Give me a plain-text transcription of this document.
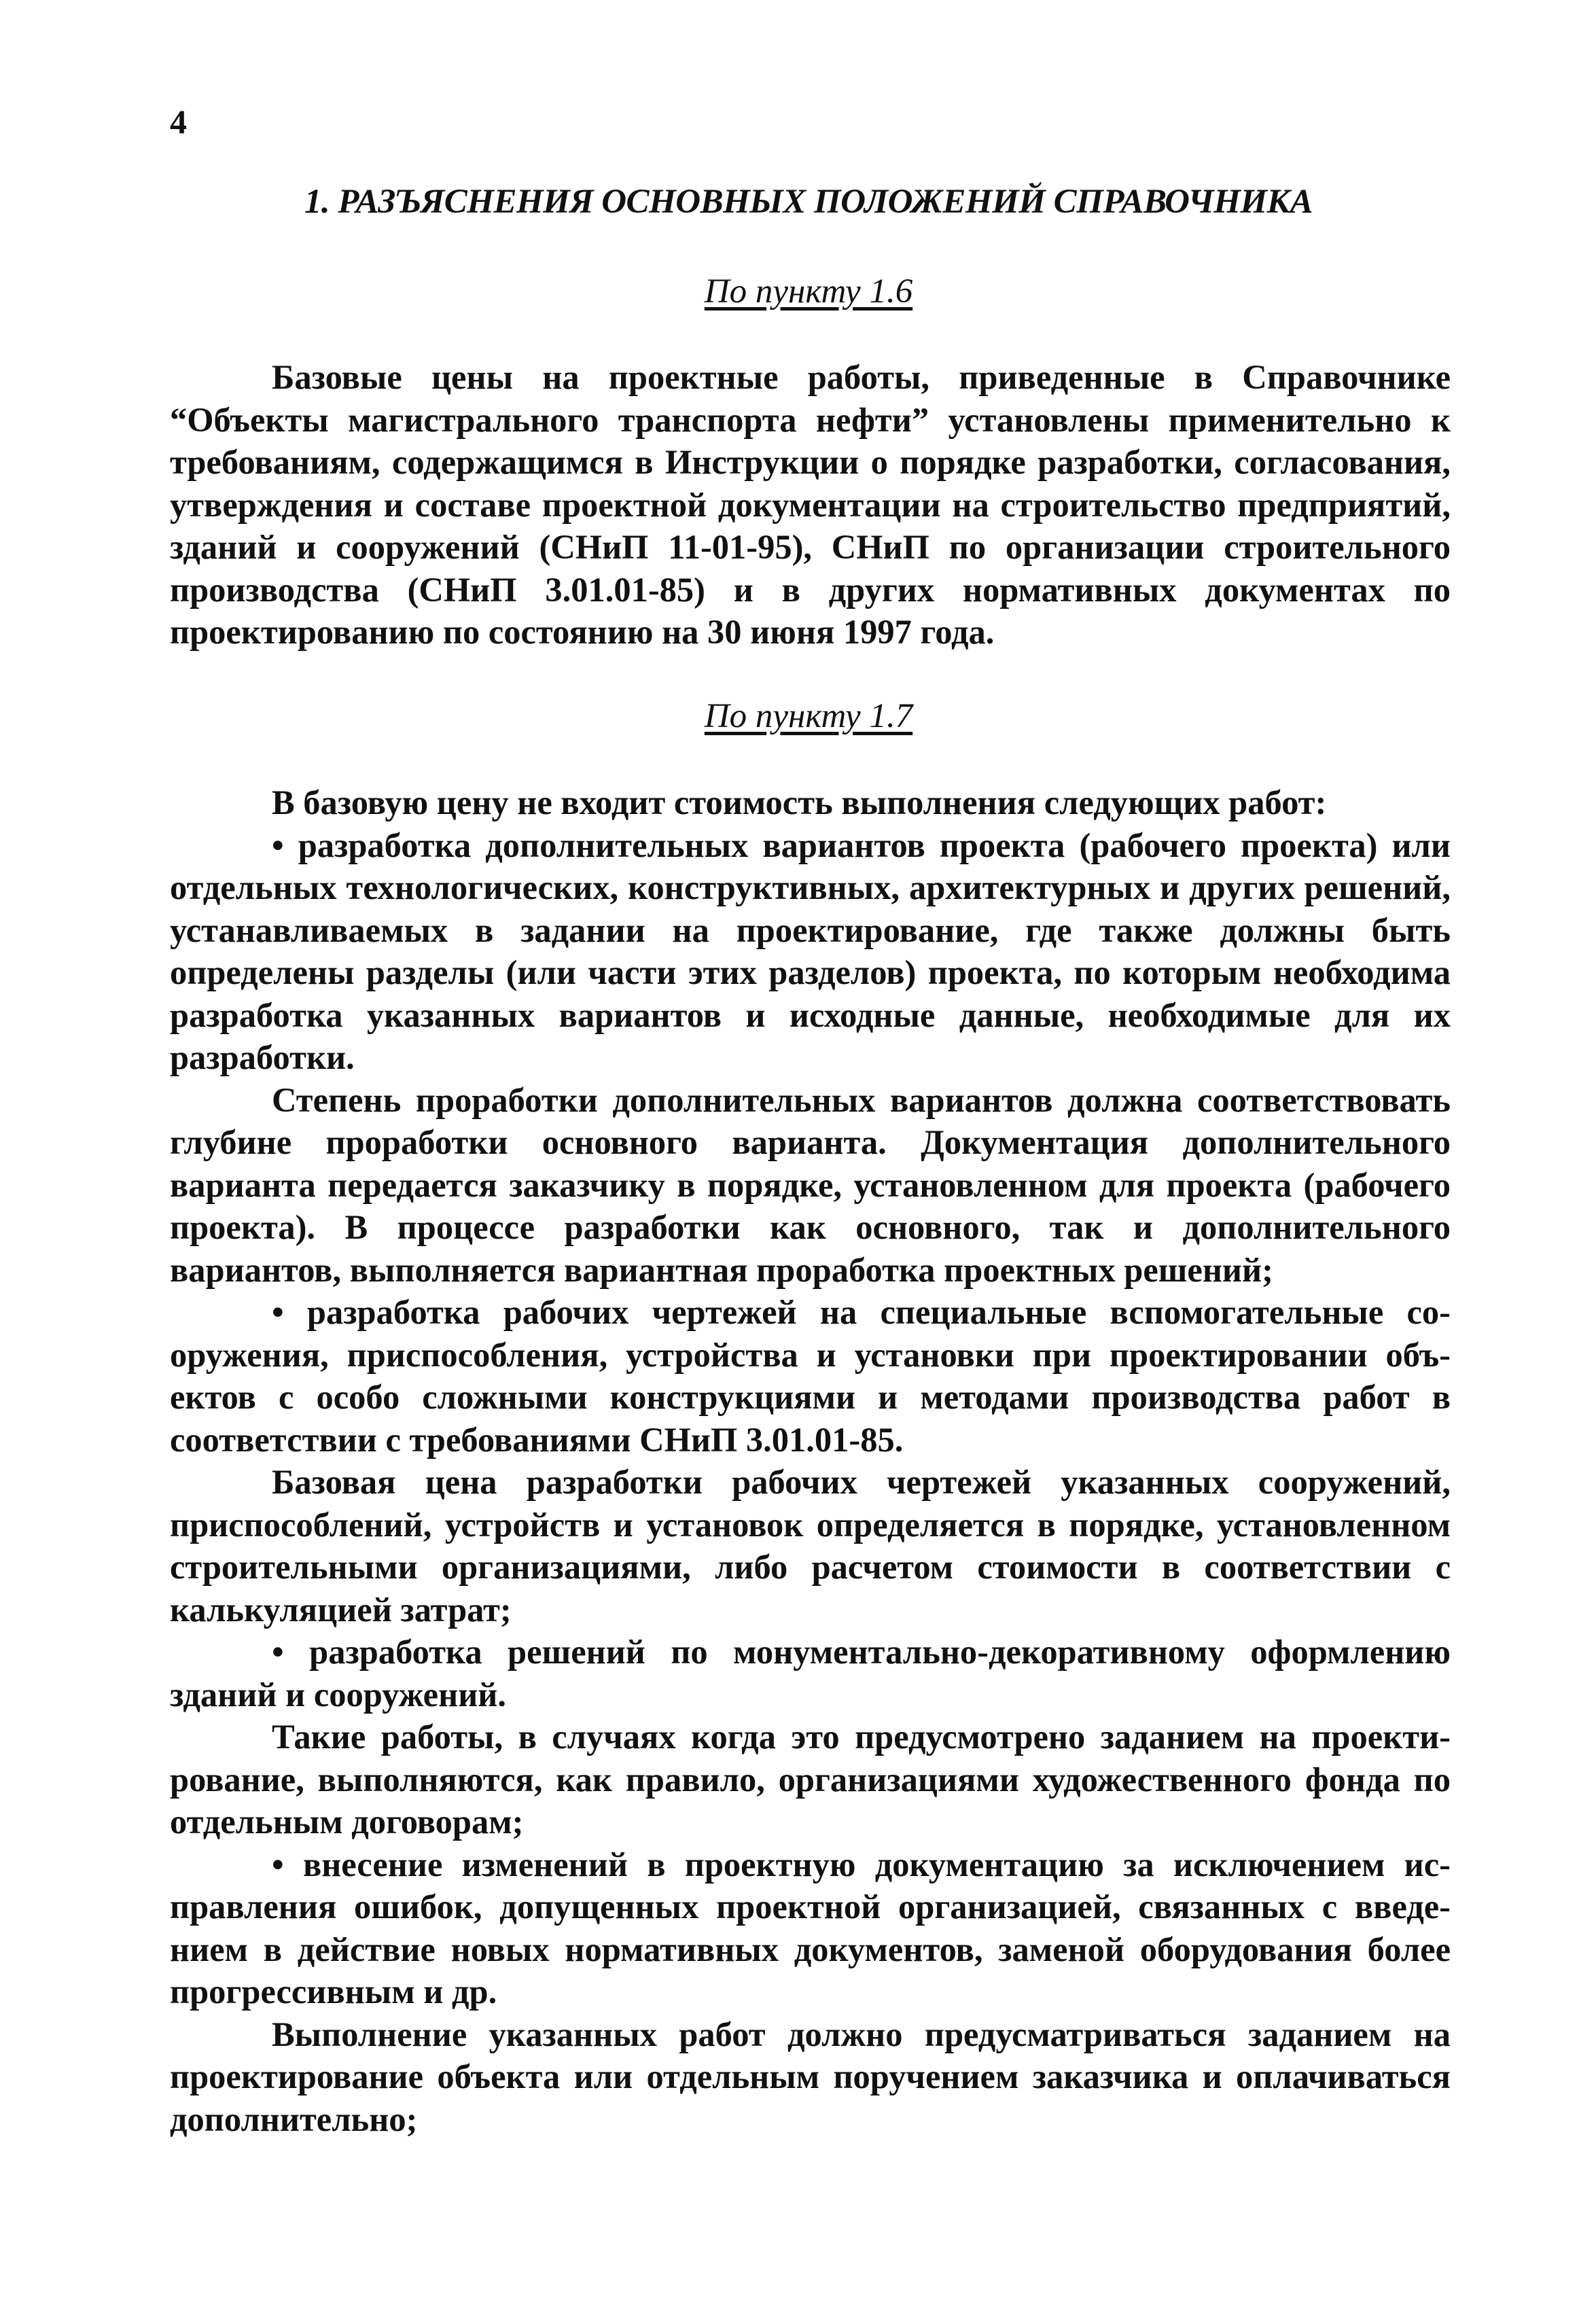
4
1. РАЗЪЯСНЕНИЯ ОСНОВНЫХ ПОЛОЖЕНИЙ СПРАВОЧНИКА
По пункту 1.6

Базовые цены на проектные работы, приведенные в Справочнике “Объекты магистрального транспорта нефти” установлены применительно к требованиям, содержащимся в Инструкции о порядке разработки, согласования, утверждения и составе проектной документации на строительство предприятий, зданий и сооружений (СНиП 11-01-95), СНиП по организации строительного производства (СНиП 3.01.01-85) и в других нормативных документах по проектированию по состоянию на 30 июня 1997 года.

По пункту 1.7

В базовую цену не входит стоимость выполнения следующих работ:

• разработка дополнительных вариантов проекта (рабочего проекта) или отдельных технологических, конструктивных, архитектурных и других решений, устанавливаемых в задании на проектирование, где также должны быть определены разделы (или части этих разделов) проекта, по которым необходима разработка указанных вариантов и исходные данные, необходимые для их разработки.

Степень проработки дополнительных вариантов должна соответствовать глубине проработки основного варианта. Документация дополнительного варианта передается заказчику в порядке, установленном для проекта (рабочего проекта). В процессе разработки как основного, так и дополнительного вариантов, выполняется вариантная проработка проектных решений;

• разработка рабочих чертежей на специальные вспомогательные сооружения, приспособления, устройства и установки при проектировании объектов с особо сложными конструкциями и методами производства работ в соответствии с требованиями СНиП 3.01.01-85.

Базовая цена разработки рабочих чертежей указанных сооружений, приспособлений, устройств и установок определяется в порядке, установленном строительными организациями, либо расчетом стоимости в соответствии с калькуляцией затрат;

• разработка решений по монументально-декоративному оформлению зданий и сооружений.

Такие работы, в случаях когда это предусмотрено заданием на проектирование, выполняются, как правило, организациями художественного фонда по отдельным договорам;

• внесение изменений в проектную документацию за исключением исправления ошибок, допущенных проектной организацией, связанных с введением в действие новых нормативных документов, заменой оборудования более прогрессивным и др.

Выполнение указанных работ должно предусматриваться заданием на проектирование объекта или отдельным поручением заказчика и оплачиваться дополнительно;
